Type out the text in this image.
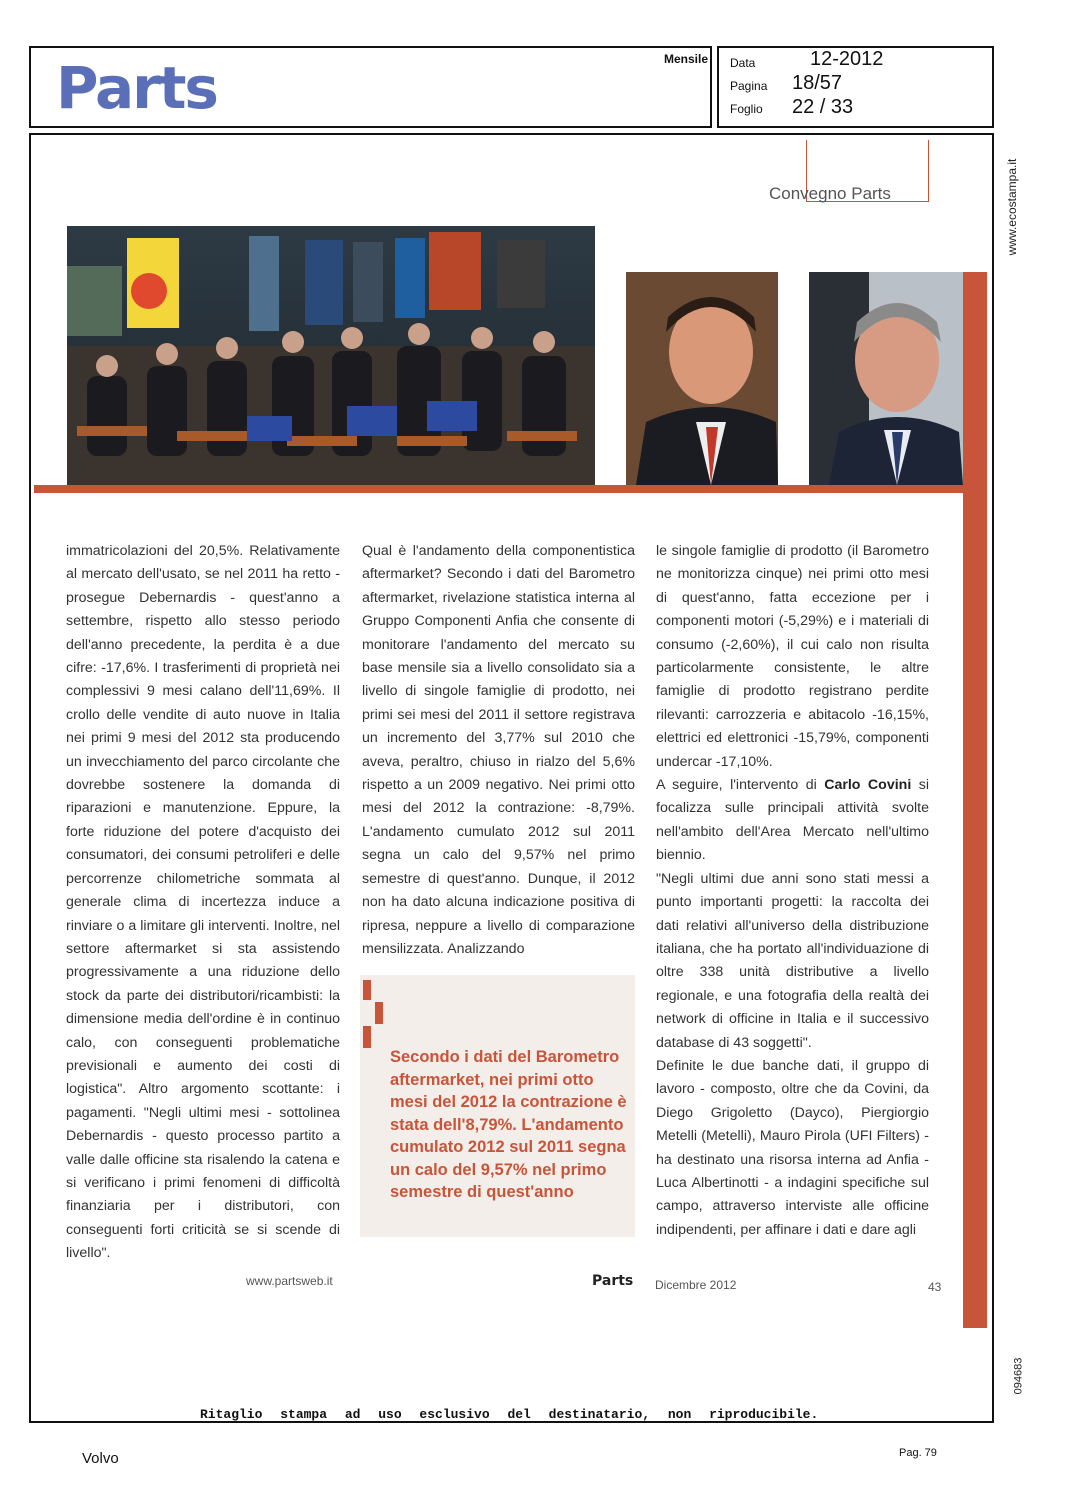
Parts	Mensile Data	12-2012
Pagina 18/57
Foglio 22 / 33
www.ecostampa.it
094683
Convegno Parts

immatricolazioni del 20,5%. Relativamente al mercato dell'usato, se nel 2011 ha retto - prosegue Debernardis - quest'anno a settembre, rispetto allo stesso periodo dell'anno precedente, la perdita è a due cifre: -17,6%. I trasferimenti di proprietà nei complessivi 9 mesi calano dell'11,69%. Il crollo delle vendite di auto nuove in Italia nei primi 9 mesi del 2012 sta producendo un invecchiamento del parco circolante che dovrebbe sostenere la domanda di riparazioni e manutenzione. Eppure, la forte riduzione del potere d'acquisto dei consumatori, dei consumi petroliferi e delle percorrenze chilometriche sommata al generale clima di incertezza induce a rinviare o a limitare gli interventi. Inoltre, nel settore aftermarket si sta assistendo progressivamente a una riduzione dello stock da parte dei distributori/ricambisti: la dimensione media dell'ordine è in continuo calo, con conseguenti problematiche previsionali e aumento dei costi di logistica". Altro argomento scottante: i pagamenti. "Negli ultimi mesi - sottolinea Debernardis - questo processo partito a valle dalle officine sta risalendo la catena e si verificano i primi fenomeni di difficoltà finanziaria per i distributori, con conseguenti forti criticità se si scende di livello".

Qual è l'andamento della componentistica aftermarket? Secondo i dati del Barometro aftermarket, rivelazione statistica interna al Gruppo Componenti Anfia che consente di monitorare l'andamento del mercato su base mensile sia a livello consolidato sia a livello di singole famiglie di prodotto, nei primi sei mesi del 2011 il settore registrava un incremento del 3,77% sul 2010 che aveva, peraltro, chiuso in rialzo del 5,6% rispetto a un 2009 negativo. Nei primi otto mesi del 2012 la contrazione: -8,79%. L'andamento cumulato 2012 sul 2011 segna un calo del 9,57% nel primo semestre di quest'anno. Dunque, il 2012 non ha dato alcuna indicazione positiva di ripresa, neppure a livello di comparazione mensilizzata. Analizzando

Secondo i dati del Barometro aftermarket, nei primi otto mesi del 2012 la contrazione è stata dell'8,79%. L'andamento cumulato 2012 sul 2011 segna un calo del 9,57% nel primo semestre di quest'anno

le singole famiglie di prodotto (il Barometro ne monitorizza cinque) nei primi otto mesi di quest'anno, fatta eccezione per i componenti motori (-5,29%) e i materiali di consumo (-2,60%), il cui calo non risulta particolarmente consistente, le altre famiglie di prodotto registrano perdite rilevanti: carrozzeria e abitacolo -16,15%, elettrici ed elettronici -15,79%, componenti undercar -17,10%.

A seguire, l'intervento di Carlo Covini si focalizza sulle principali attività svolte nell'ambito dell'Area Mercato nell'ultimo biennio.

"Negli ultimi due anni sono stati messi a punto importanti progetti: la raccolta dei dati relativi all'universo della distribuzione italiana, che ha portato all'individuazione di oltre 338 unità distributive a livello regionale, e una fotografia della realtà dei network di officine in Italia e il successivo database di 43 soggetti".

Definite le due banche dati, il gruppo di lavoro - composto, oltre che da Covini, da Diego Grigoletto (Dayco), Piergiorgio Metelli (Metelli), Mauro Pirola (UFI Filters) - ha destinato una risorsa interna ad Anfia - Luca Albertinotti - a indagini specifiche sul campo, attraverso interviste alle officine indipendenti, per affinare i dati e dare agli

www.partsweb.it	Parts Dicembre 2012	43
Ritaglio stampa ad uso esclusivo del destinatario, non riproducibile.
Volvo	Pag. 79
